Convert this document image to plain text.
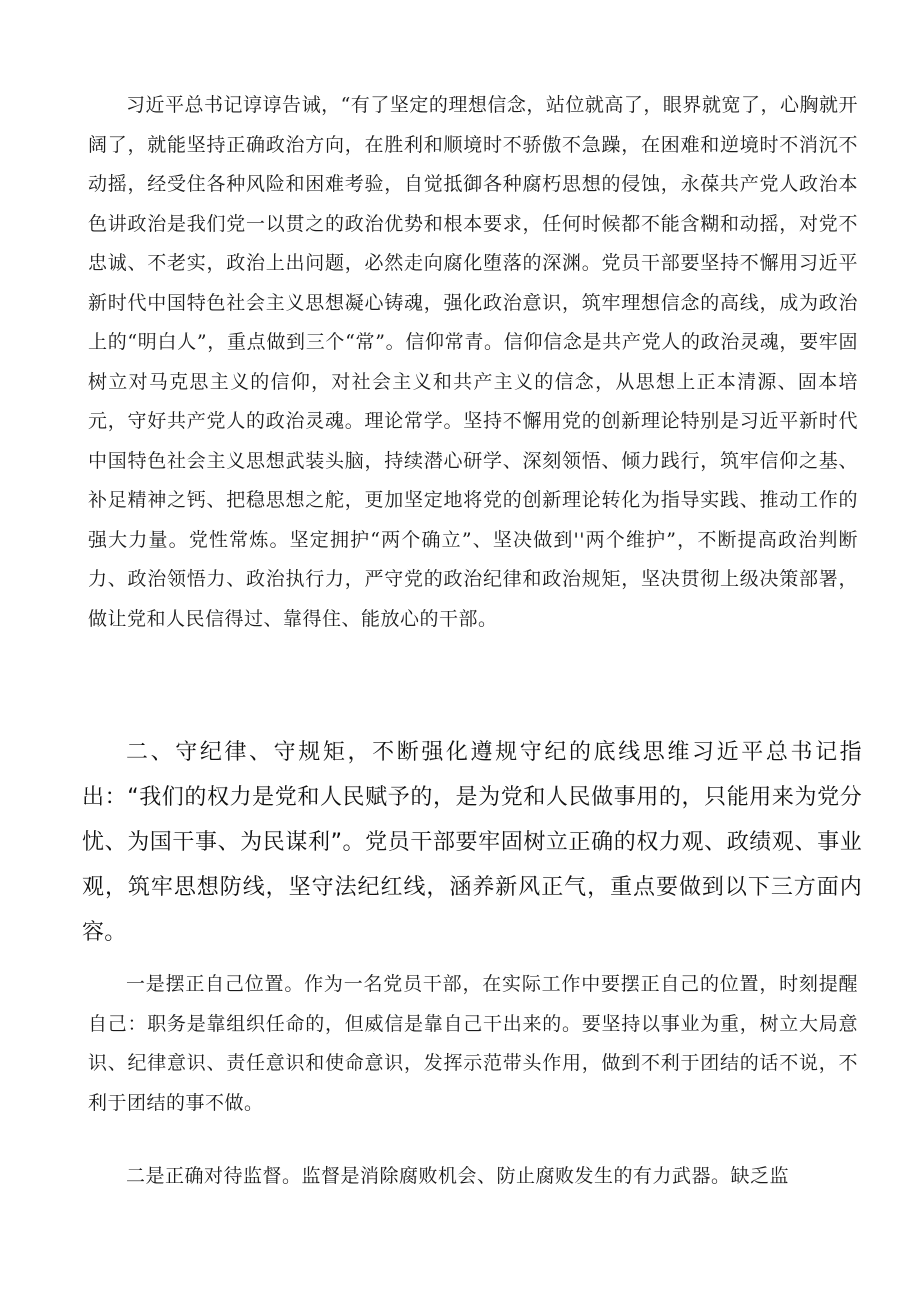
习近平总书记谆谆告诫，“有了坚定的理想信念，站位就高了，眼界就宽了，心胸就开阔了，就能坚持正确政治方向，在胜利和顺境时不骄傲不急躁，在困难和逆境时不消沉不动摇，经受住各种风险和困难考验，自觉抵御各种腐朽思想的侵蚀，永葆共产党人政治本色讲政治是我们党一以贯之的政治优势和根本要求，任何时候都不能含糊和动摇，对党不忠诚、不老实，政治上出问题，必然走向腐化堕落的深渊。党员干部要坚持不懈用习近平新时代中国特色社会主义思想凝心铸魂，强化政治意识，筑牢理想信念的高线，成为政治上的“明白人”，重点做到三个“常”。信仰常青。信仰信念是共产党人的政治灵魂，要牢固树立对马克思主义的信仰，对社会主义和共产主义的信念，从思想上正本清源、固本培元，守好共产党人的政治灵魂。理论常学。坚持不懈用党的创新理论特别是习近平新时代中国特色社会主义思想武装头脑，持续潜心研学、深刻领悟、倾力践行，筑牢信仰之基、补足精神之钙、把稳思想之舵，更加坚定地将党的创新理论转化为指导实践、推动工作的强大力量。党性常炼。坚定拥护“两个确立”、坚决做到''两个维护”，不断提高政治判断力、政治领悟力、政治执行力，严守党的政治纪律和政治规矩，坚决贯彻上级决策部署，做让党和人民信得过、靠得住、能放心的干部。

二、守纪律、守规矩，不断强化遵规守纪的底线思维习近平总书记指出：“我们的权力是党和人民赋予的，是为党和人民做事用的，只能用来为党分忧、为国干事、为民谋利”。党员干部要牢固树立正确的权力观、政绩观、事业观，筑牢思想防线，坚守法纪红线，涵养新风正气，重点要做到以下三方面内容。

一是摆正自己位置。作为一名党员干部，在实际工作中要摆正自己的位置，时刻提醒自己：职务是靠组织任命的，但威信是靠自己干出来的。要坚持以事业为重，树立大局意识、纪律意识、责任意识和使命意识，发挥示范带头作用，做到不利于团结的话不说，不利于团结的事不做。

二是正确对待监督。监督是消除腐败机会、防止腐败发生的有力武器。缺乏监
